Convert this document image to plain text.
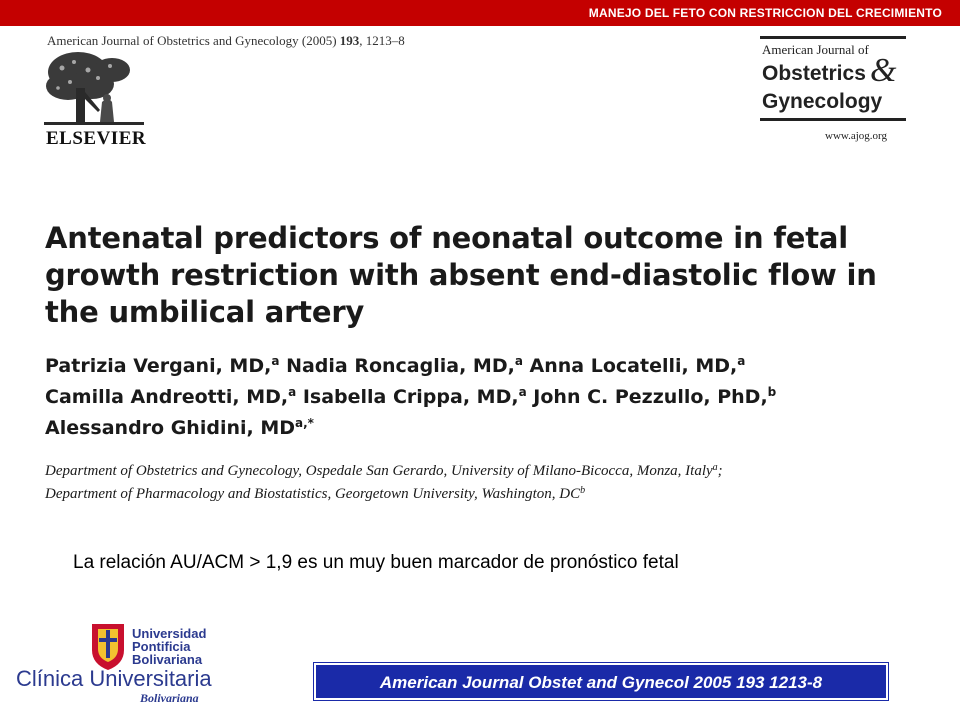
MANEJO DEL FETO CON RESTRICCION DEL CRECIMIENTO
American Journal of Obstetrics and Gynecology (2005) 193, 1213–8
ELSEVIER
American Journal of
Obstetrics &
Gynecology
www.ajog.org
Antenatal predictors of neonatal outcome in fetal growth restriction with absent end-diastolic flow in the umbilical artery
Patrizia Vergani, MD,$^a$ Nadia Roncaglia, MD,$^a$ Anna Locatelli, MD,$^a$
Camilla Andreotti, MD,$^a$ Isabella Crippa, MD,$^a$ John C. Pezzullo, PhD,$^b$
Alessandro Ghidini, $MD^{a,*}$
Department of Obstetrics and Gynecology, Ospedale San Gerardo, University of Milano-Bicocca, Monza, Italy$^a$;
Department of Pharmacology and Biostatistics, Georgetown University, Washington, $DC^b$
La relación AU/ACM > 1,9 es un muy buen marcador de pronóstico fetal
Universidad
Pontificia
Bolivariana
Clínica Universitaria
Bolivariana
American Journal Obstet and Gynecol 2005 193 1213-8
